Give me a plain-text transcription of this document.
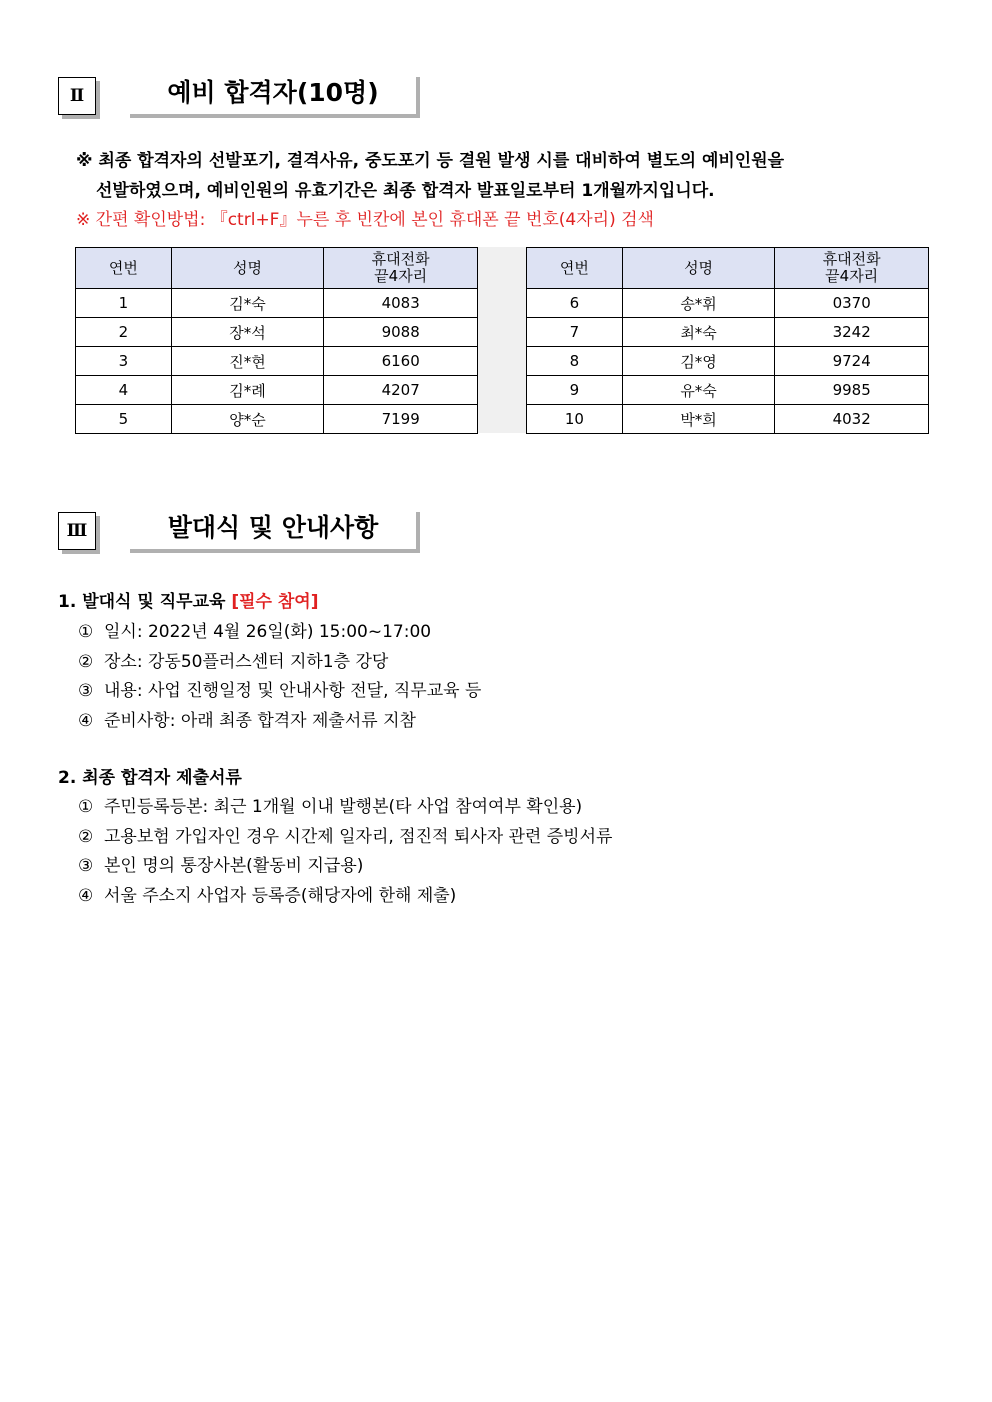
Ⅱ	예비 합격자(10명)
※ 최종 합격자의 선발포기, 결격사유, 중도포기 등 결원 발생 시를 대비하여 별도의 예비인원을
선발하였으며, 예비인원의 유효기간은 최종 합격자 발표일로부터 1개월까지입니다.
※ 간편 확인방법: 『ctrl+F』누른 후 빈칸에 본인 휴대폰 끝 번호(4자리) 검색
연번	성명	휴대전화
끝4자리
1	김*숙	4083
2	장*석	9088
3	진*현	6160
4	김*례	4207
5	양*순	7199
연번	성명	휴대전화
끝4자리
6	송*휘	0370
7	최*숙	3242
8	김*영	9724
9	유*숙	9985
10	박*희	4032
Ⅲ	발대식 및 안내사항
1. 발대식 및 직무교육 [필수 참여]
① 일시: 2022년 4월 26일(화) 15:00~17:00
② 장소: 강동50플러스센터 지하1층 강당
③ 내용: 사업 진행일정 및 안내사항 전달, 직무교육 등
④ 준비사항: 아래 최종 합격자 제출서류 지참
2. 최종 합격자 제출서류
① 주민등록등본: 최근 1개월 이내 발행본(타 사업 참여여부 확인용)
② 고용보험 가입자인 경우 시간제 일자리, 점진적 퇴사자 관련 증빙서류
③ 본인 명의 통장사본(활동비 지급용)
④ 서울 주소지 사업자 등록증(해당자에 한해 제출)
